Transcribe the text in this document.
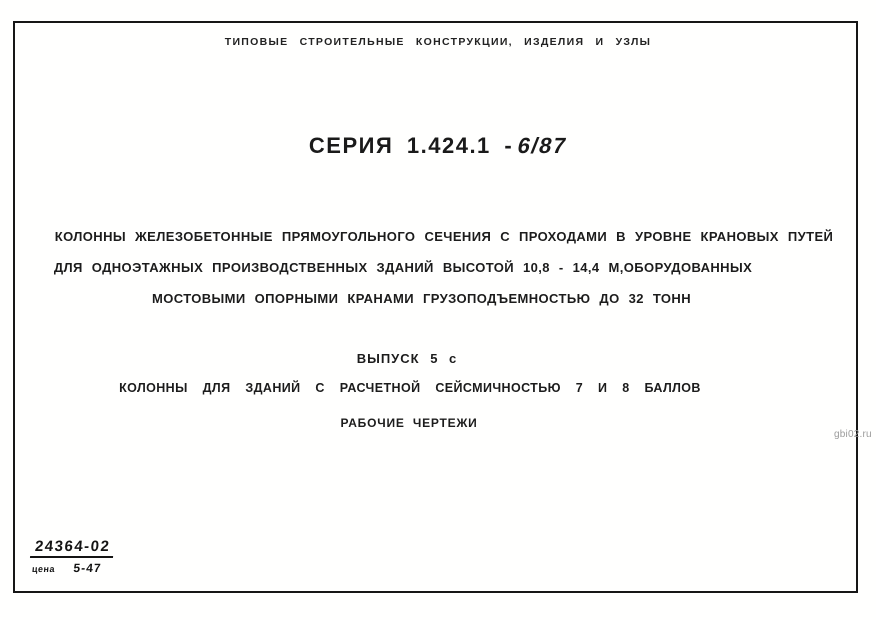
ТИПОВЫЕ СТРОИТЕЛЬНЫЕ КОНСТРУКЦИИ, ИЗДЕЛИЯ И УЗЛЫ
СЕРИЯ 1.424.1 - 6/87
КОЛОННЫ ЖЕЛЕЗОБЕТОННЫЕ ПРЯМОУГОЛЬНОГО СЕЧЕНИЯ С ПРОХОДАМИ В УРОВНЕ КРАНОВЫХ ПУТЕЙ
ДЛЯ ОДНОЭТАЖНЫХ ПРОИЗВОДСТВЕННЫХ ЗДАНИЙ ВЫСОТОЙ 10,8 - 14,4 М,ОБОРУДОВАННЫХ
МОСТОВЫМИ ОПОРНЫМИ КРАНАМИ ГРУЗОПОДЪЕМНОСТЬЮ ДО 32 ТОНН
ВЫПУСК 5 с
КОЛОННЫ ДЛЯ ЗДАНИЙ С РАСЧЕТНОЙ СЕЙСМИЧНОСТЬЮ 7 И 8 БАЛЛОВ
РАБОЧИЕ ЧЕРТЕЖИ
24364-02
цена 5-47
gbi02.ru
